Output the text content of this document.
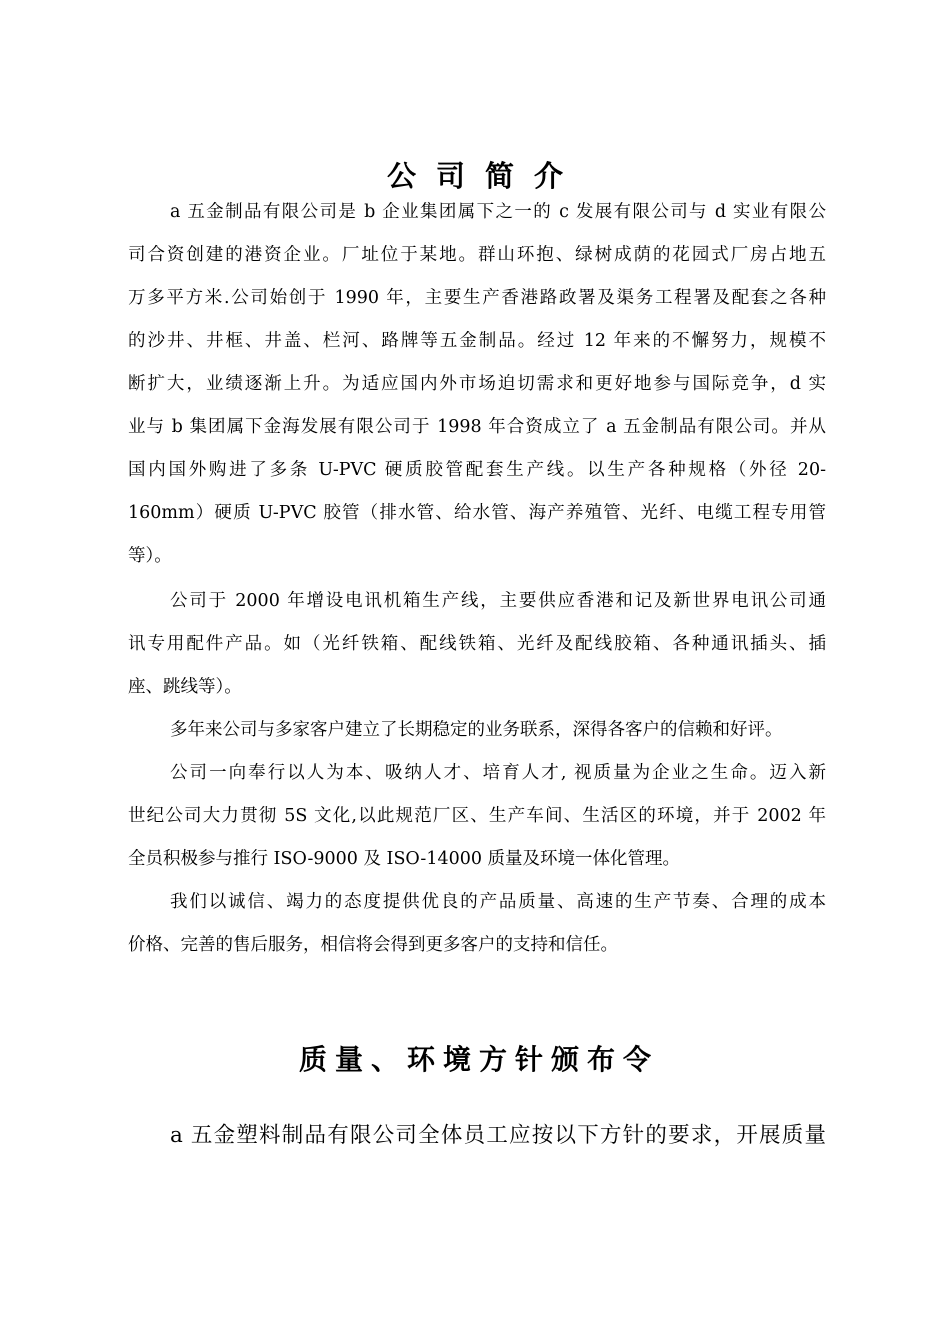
公司简介
a 五金制品有限公司是 b 企业集团属下之一的 c 发展有限公司与 d 实业有限公
司合资创建的港资企业。厂址位于某地。群山环抱、绿树成荫的花园式厂房占地五
万多平方米.公司始创于 1990 年，主要生产香港路政署及渠务工程署及配套之各种
的沙井、井框、井盖、栏河、路牌等五金制品。经过 12 年来的不懈努力，规模不
断扩大，业绩逐渐上升。为适应国内外市场迫切需求和更好地参与国际竞争，d 实
业与 b 集团属下金海发展有限公司于 1998 年合资成立了 a 五金制品有限公司。并从
国内国外购进了多条 U-PVC 硬质胶管配套生产线。以生产各种规格（外径 20-
160mm）硬质 U-PVC 胶管（排水管、给水管、海产养殖管、光纤、电缆工程专用管
等）。
公司于 2000 年增设电讯机箱生产线，主要供应香港和记及新世界电讯公司通
讯专用配件产品。如（光纤铁箱、配线铁箱、光纤及配线胶箱、各种通讯插头、插
座、跳线等）。
多年来公司与多家客户建立了长期稳定的业务联系，深得各客户的信赖和好评。
公司一向奉行以人为本、吸纳人才、培育人才, 视质量为企业之生命。迈入新
世纪公司大力贯彻 5S 文化,以此规范厂区、生产车间、生活区的环境，并于 2002 年
全员积极参与推行 ISO-9000 及 ISO-14000 质量及环境一体化管理。
我们以诚信、竭力的态度提供优良的产品质量、高速的生产节奏、合理的成本
价格、完善的售后服务，相信将会得到更多客户的支持和信任。
质量、环境方针颁布令
a 五金塑料制品有限公司全体员工应按以下方针的要求，开展质量
